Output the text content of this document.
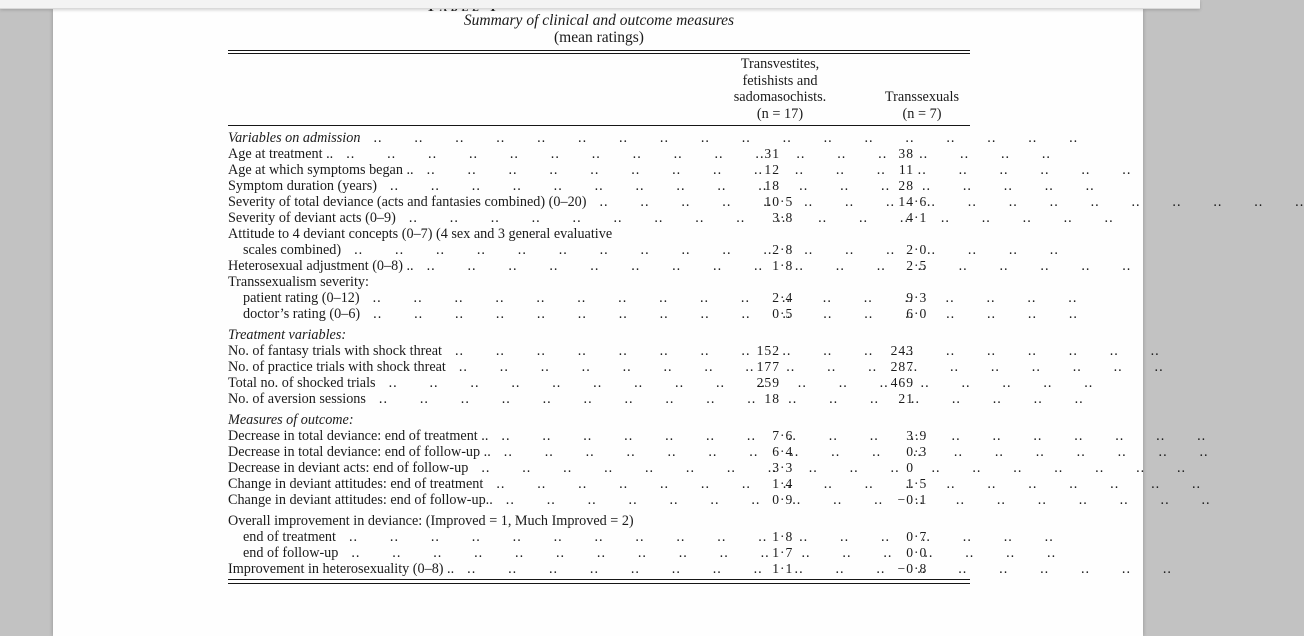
Summary of clinical and outcome measures
(mean ratings)
Transvestites,
fetishists and
sadomasochists.
(n = 17)
Transsexuals
(n = 7)
Variables on admission
..
Age at treatment .. ..	31	38
Age at which symptoms began .. ..	12	11
Symptom duration (years) ..	18	28
Severity of total deviance (acts and fantasies combined) (0–20) ..	10 ·5	14 ·6
Severity of deviant acts (0–9) ..	3 ·8	4 ·1
Attitude to 4 deviant concepts (0–7) (4 sex and 3 general evaluative
scales combined) ..	2 ·8	2 ·0
Heterosexual adjustment (0–8) .. ..	1 ·8	2 ·5
Transsexualism severity:
patient rating (0–12) ..	2 ·4	9 ·3
doctor’s rating (0–6) ..	0 ·5	6 ·0
Treatment variables:
No. of fantasy trials with shock threat ..	152	243
No. of practice trials with shock threat ..	177	287
Total no. of shocked trials ..	259	469
No. of aversion sessions ..	18	21
Measures of outcome:
Decrease in total deviance: end of treatment .. ..	7 ·6	3 ·9
Decrease in total deviance: end of follow-up .. ..	6 ·4	0 ·3
Decrease in deviant acts: end of follow-up ..	3 ·3	0
Change in deviant attitudes: end of treatment ..	1 ·4	1 ·5
Change in deviant attitudes: end of follow-up.. ..	0 ·9	−0 ·1
Overall improvement in deviance: (Improved = 1, Much Improved = 2)
end of treatment ..	1 ·8	0 ·7
end of follow-up ..	1 ·7	0 ·0
Improvement in heterosexuality (0–8) .. ..	1 ·1	−0 ·8
